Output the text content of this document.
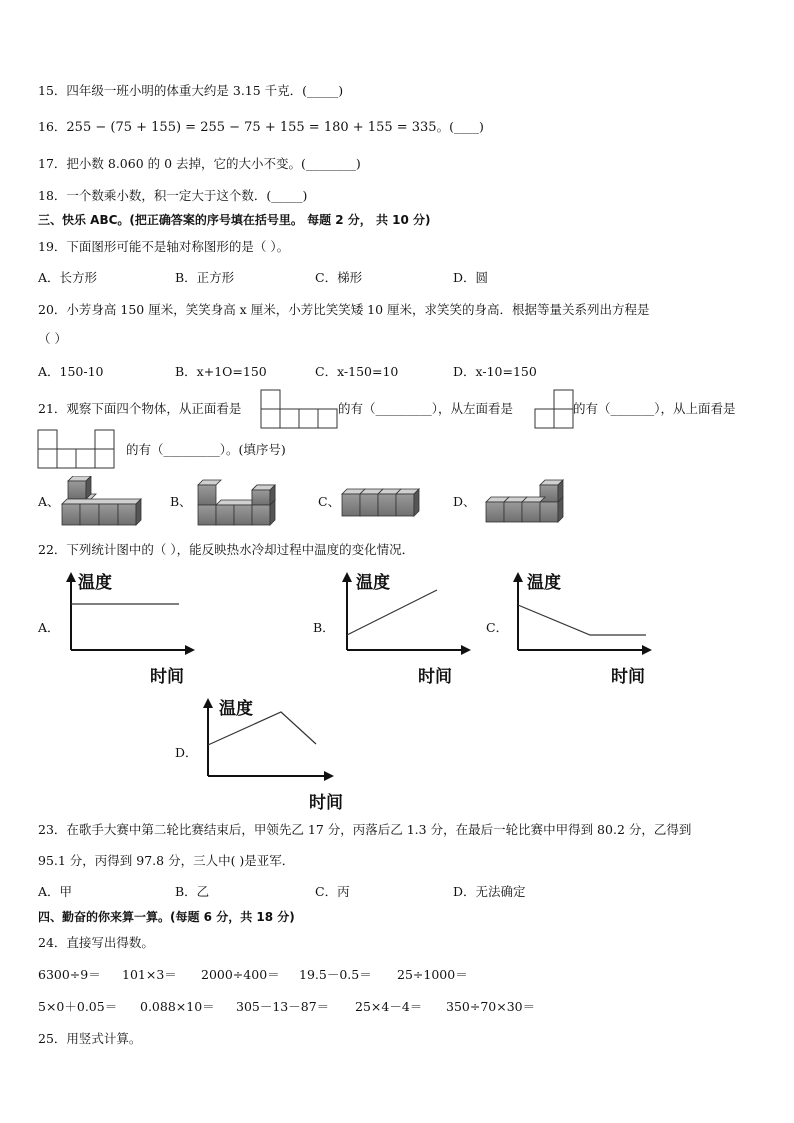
15．四年级一班小明的体重大约是 3.15 千克．(_____)
16．255 − (75 + 155) = 255 − 75 + 155 = 180 + 155 = 335。(____)
17．把小数 8.060 的 0 去掉，它的大小不变。(________)
18．一个数乘小数，积一定大于这个数．(_____)
三、快乐 ABC。(把正确答案的序号填在括号里。 每题 2 分， 共 10 分)
19．下面图形可能不是轴对称图形的是（ ）。
A．长方形	B．正方形	C．梯形	D．圆
20．小芳身高 150 厘米，笑笑身高 x 厘米，小芳比笑笑矮 10 厘米，求笑笑的身高．根据等量关系列出方程是
（ ）
A．150-10	B．x+1O=150	C．x-150=10	D．x-10=150
21．观察下面四个物体，从正面看是	的有（_________），从左面看是	的有（_______），从上面看是
的有（_________）。(填序号)
A、	B、	C、	D、
22．下列统计图中的（ ），能反映热水冷却过程中温度的变化情况．
A．
温度
时间
B．
温度
时间
C．
温度
时间
D．
温度
时间
23．在歌手大赛中第二轮比赛结束后，甲领先乙 17 分，丙落后乙 1.3 分，在最后一轮比赛中甲得到 80.2 分，乙得到
95.1 分，丙得到 97.8 分，三人中( )是亚军．
A．甲	B．乙	C．丙	D．无法确定
四、勤奋的你来算一算。(每题 6 分，共 18 分)
24．直接写出得数。
6300÷9＝ 101×3＝ 2000÷400＝ 19.5－0.5＝ 25÷1000＝
5×0＋0.05＝ 0.088×10＝ 305－13－87＝ 25×4－4＝ 350÷70×30＝
25．用竖式计算。
